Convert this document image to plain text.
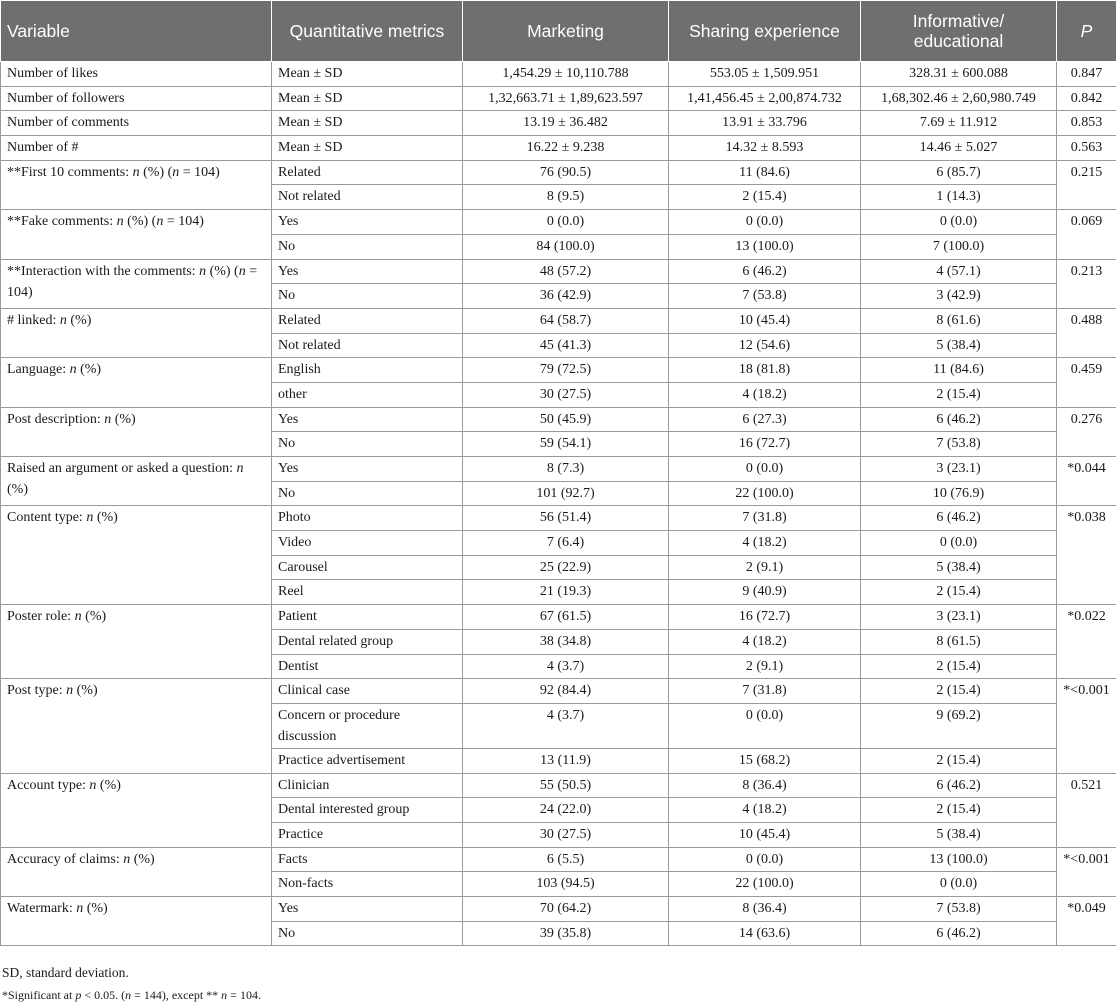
Variable	Quantitative metrics	Marketing	Sharing experience	Informative/ educational	P
Number of likes	Mean ± SD	1,454.29 ± 10,110.788	553.05 ± 1,509.951	328.31 ± 600.088	0.847
Number of followers	Mean ± SD	1,32,663.71 ± 1,89,623.597	1,41,456.45 ± 2,00,874.732	1,68,302.46 ± 2,60,980.749	0.842
Number of comments	Mean ± SD	13.19 ± 36.482	13.91 ± 33.796	7.69 ± 11.912	0.853
Number of #	Mean ± SD	16.22 ± 9.238	14.32 ± 8.593	14.46 ± 5.027	0.563
**First 10 comments: n (%) (n = 104)	Related	76 (90.5)	11 (84.6)	6 (85.7)	0.215
	Not related	8 (9.5)	2 (15.4)	1 (14.3)	
**Fake comments: n (%) (n = 104)	Yes	0 (0.0)	0 (0.0)	0 (0.0)	0.069
	No	84 (100.0)	13 (100.0)	7 (100.0)	
**Interaction with the comments: n (%) (n = 104)	Yes	48 (57.2)	6 (46.2)	4 (57.1)	0.213
	No	36 (42.9)	7 (53.8)	3 (42.9)	
# linked: n (%)	Related	64 (58.7)	10 (45.4)	8 (61.6)	0.488
	Not related	45 (41.3)	12 (54.6)	5 (38.4)	
Language: n (%)	English	79 (72.5)	18 (81.8)	11 (84.6)	0.459
	other	30 (27.5)	4 (18.2)	2 (15.4)	
Post description: n (%)	Yes	50 (45.9)	6 (27.3)	6 (46.2)	0.276
	No	59 (54.1)	16 (72.7)	7 (53.8)	
Raised an argument or asked a question: n (%)	Yes	8 (7.3)	0 (0.0)	3 (23.1)	*0.044
	No	101 (92.7)	22 (100.0)	10 (76.9)	
Content type: n (%)	Photo	56 (51.4)	7 (31.8)	6 (46.2)	*0.038
	Video	7 (6.4)	4 (18.2)	0 (0.0)	
	Carousel	25 (22.9)	2 (9.1)	5 (38.4)	
	Reel	21 (19.3)	9 (40.9)	2 (15.4)	
Poster role: n (%)	Patient	67 (61.5)	16 (72.7)	3 (23.1)	*0.022
	Dental related group	38 (34.8)	4 (18.2)	8 (61.5)	
	Dentist	4 (3.7)	2 (9.1)	2 (15.4)	
Post type: n (%)	Clinical case	92 (84.4)	7 (31.8)	2 (15.4)	*<0.001
	Concern or procedure discussion	4 (3.7)	0 (0.0)	9 (69.2)	
	Practice advertisement	13 (11.9)	15 (68.2)	2 (15.4)	
Account type: n (%)	Clinician	55 (50.5)	8 (36.4)	6 (46.2)	0.521
	Dental interested group	24 (22.0)	4 (18.2)	2 (15.4)	
	Practice	30 (27.5)	10 (45.4)	5 (38.4)	
Accuracy of claims: n (%)	Facts	6 (5.5)	0 (0.0)	13 (100.0)	*<0.001
	Non-facts	103 (94.5)	22 (100.0)	0 (0.0)	
Watermark: n (%)	Yes	70 (64.2)	8 (36.4)	7 (53.8)	*0.049
	No	39 (35.8)	14 (63.6)	6 (46.2)	
SD, standard deviation.
*Significant at p < 0.05. (n = 144), except ** n = 104.
